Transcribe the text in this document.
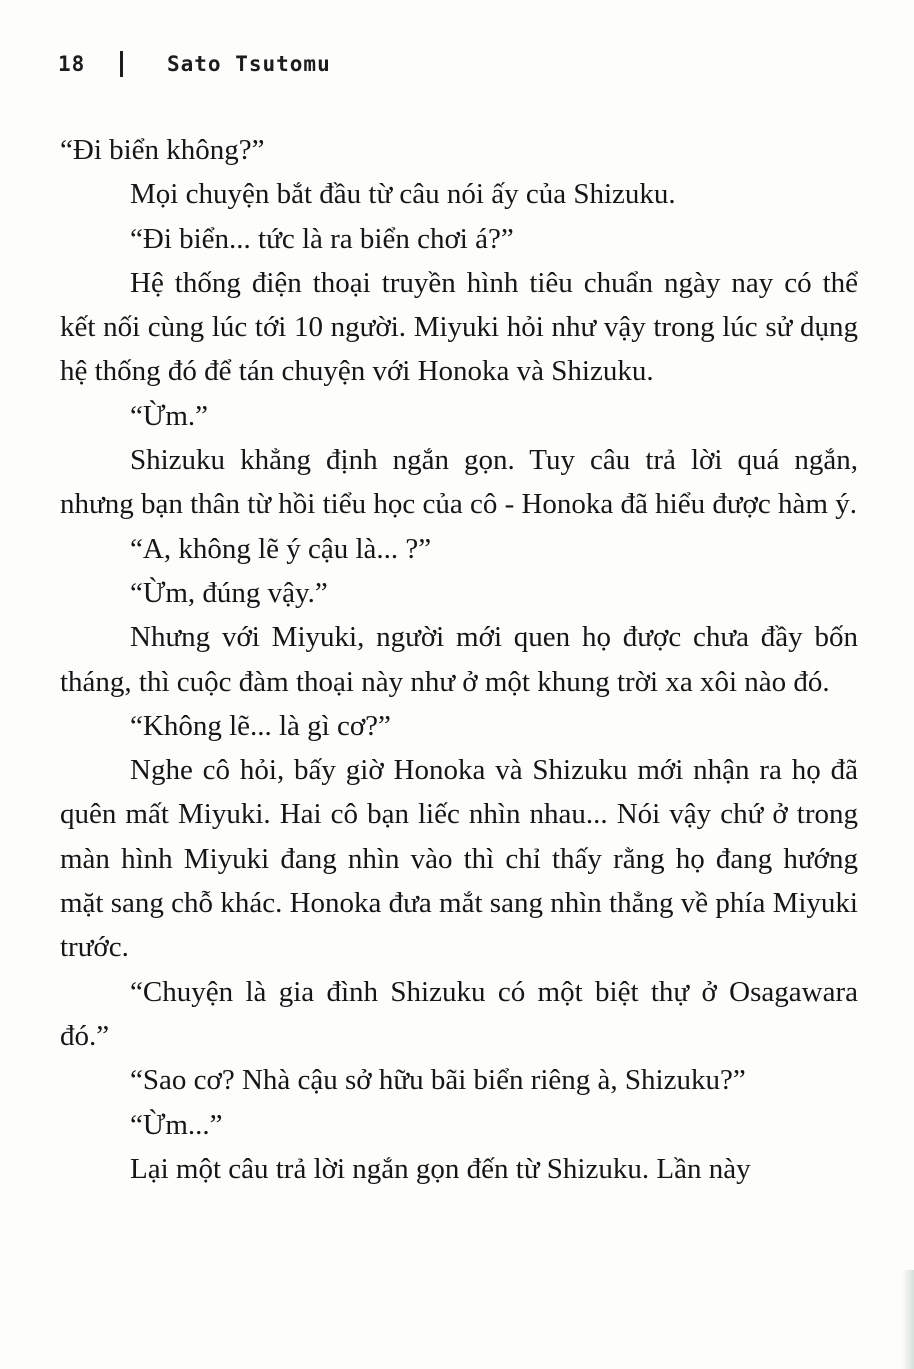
18	Sato Tsutomu

“Đi biển không?”

Mọi chuyện bắt đầu từ câu nói ấy của Shizuku.

“Đi biển... tức là ra biển chơi á?”

Hệ thống điện thoại truyền hình tiêu chuẩn ngày nay có thể kết nối cùng lúc tới 10 người. Miyuki hỏi như vậy trong lúc sử dụng hệ thống đó để tán chuyện với Honoka và Shizuku.

“Ừm.”

Shizuku khẳng định ngắn gọn. Tuy câu trả lời quá ngắn, nhưng bạn thân từ hồi tiểu học của cô - Honoka đã hiểu được hàm ý.

“A, không lẽ ý cậu là... ?”

“Ừm, đúng vậy.”

Nhưng với Miyuki, người mới quen họ được chưa đầy bốn tháng, thì cuộc đàm thoại này như ở một khung trời xa xôi nào đó.

“Không lẽ... là gì cơ?”

Nghe cô hỏi, bấy giờ Honoka và Shizuku mới nhận ra họ đã quên mất Miyuki. Hai cô bạn liếc nhìn nhau... Nói vậy chứ ở trong màn hình Miyuki đang nhìn vào thì chỉ thấy rằng họ đang hướng mặt sang chỗ khác. Honoka đưa mắt sang nhìn thẳng về phía Miyuki trước.

“Chuyện là gia đình Shizuku có một biệt thự ở Osagawara đó.”

“Sao cơ? Nhà cậu sở hữu bãi biển riêng à, Shizuku?”

“Ừm...”

Lại một câu trả lời ngắn gọn đến từ Shizuku. Lần này
